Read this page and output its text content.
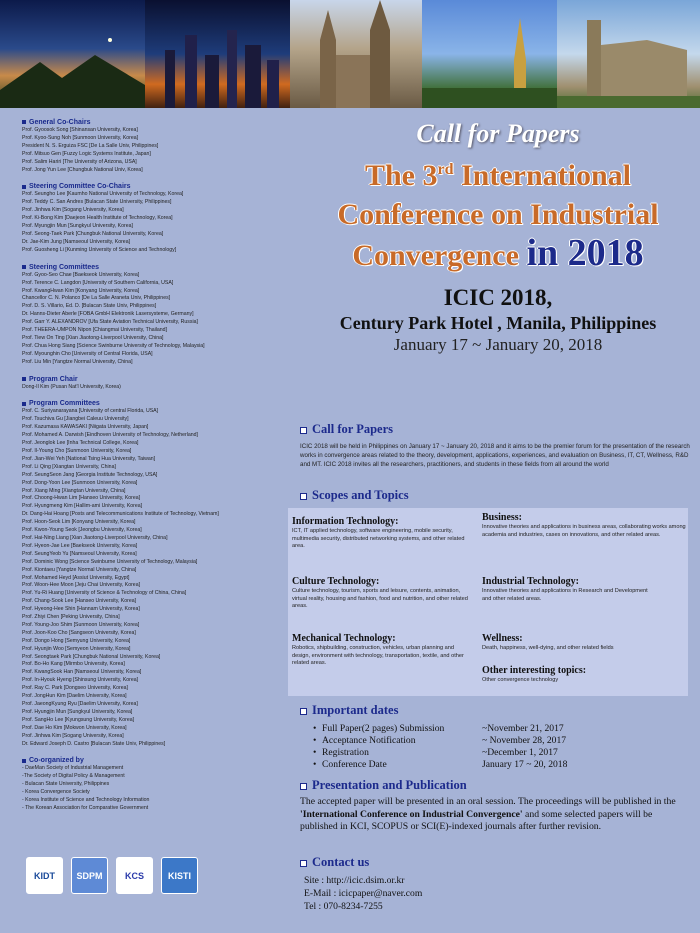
General Co-Chairs
Prof. Gyoosok Song [Shinansan University, Korea]
Prof. Kyoo-Sung Noh [Sunmoon University, Korea]
President N. S. Erguiza FSC [De La Salle Univ, Philippines]
Prof. Mitsuo Gen [Fuzzy Logic Systems Institute, Japan]
Prof. Salim Hariri [The University of Arizona, USA]
Prof. Jong Yun Lee [Chungbuk National Univ, Korea]
Steering Committee Co-Chairs
Prof. Seungho Lee [Kaumho National University of Technology, Korea]
Prof. Teddy C. San Andres [Bulacan State University, Philippines]
Prof. Jinhwa Kim [Sogang University, Korea]
Prof. Ki-Bong Kim [Daejeon Health Institute of Technology, Korea]
Prof. Myungjin Mun [Sungkyul University, Korea]
Prof. Seong-Taek Park [Chungbuk National University, Korea]
Dr. Jae-Kim Jung [Namseoul University, Korea]
Prof. Guosheng Li [Kunming University of Science and Technology]
Steering Committees
Prof. Gyoo-Seo Chae [Baekseok University, Korea]
Prof. Terence C. Langdon [University of Southern California, USA]
Prof. KwangHwan Kim [Konyang University, Korea]
Chancellor C. N. Polanco [De La Salle Araneta Univ, Philippines]
Prof. D. S. Villario, Ed. D. [Bulacan State Univ, Philippines]
Dr. Hanns-Dieter Aberle [FOBA GmbH Elektronik Lasersysteme, Germany]
Prof. Garr Y. ALEXANDROV [Ufa State Aviation Technical University, Russia]
Prof. THEERA-UMPON Nipon [Chiangmai University, Thailand]
Prof. Tiew On Ting [Xian Jiaotong-Liverpool University, China]
Prof. Chua Hong Siang [Science Swinburne University of Technology, Malaysia]
Prof. Myounghin Cho [University of Central Florida, USA]
Prof. Liu Min [Yangtze Normal University, China]
Program Chair
Dong-Il Kim (Pusan Nat'l University, Korea)
Program Committees
Prof. C. Suriyanarayana [University of central Florida, USA]
Prof. Tsuchiva Gu [Jiangbei Caleuu University]
Prof. Kazumasa KAWASAKI [Niigata University, Japan]
Prof. Mohamed A. Darwish [Eindhoven University of Technology, Netherland]
Prof. Jeonglok Lee [Inha Technical College, Korea]
Prof. Il-Young Cho [Sunmoon University, Korea]
Prof. Jian-Wei Yeh [National Tsing Hua University, Taiwan]
Prof. Li Qing [Xiangtan University, China]
Prof. SeungSeon Jang [Georgia Institute Technology, USA]
Prof. Dong-Yoon Lee [Sunmoon University, Korea]
Prof. Xiang Ming [Xiangtan University, China]
Prof. Choong-Hwan Lim [Hanseo University, Korea]
Prof. Hyungmeng Kim [Hallim-ami University, Korea]
Dr. Dang-Hai Hoang [Posts and Telecommunications Institute of Technology, Vietnam]
Prof. Hoon-Seok Lim [Konyang University, Korea]
Prof. Kwon-Young Seok [Jeongbu University, Korea]
Prof. Hai-Ning Liang [Xian Jiaotong-Liverpool University, China]
Prof. Hyeon-Jae Lee [Baekseok University, Korea]
Prof. SeungYeob Yu [Namseoul University, Korea]
Prof. Dominic Wong [Science Swinburne University of Technology, Malaysia]
Prof. Kiontaeu [Yangtze Normal University, China]
Prof. Mohamed Heyd [Assiut University, Egypt]
Prof. Woon-Hee Moon [Jeju Chai University, Korea]
Prof. Yu-Ri Huang [University of Science & Technology of China, China]
Prof. Chang-Sook Lee [Hanseo University, Korea]
Prof. Hyeong-Hee Shin [Hannam University, Korea]
Prof. Zhiyi Chen [Peking University, China]
Prof. Young-Joo Shim [Sunmoon University, Korea]
Prof. Joon-Koo Cho [Sangseon University, Korea]
Prof. Dongo Hong [Semyung University, Korea]
Prof. Hyunjin Woo [Semyeon University, Korea]
Prof. Seongtaek Park [Chungbuk National University, Korea]
Prof. Bo-Ho Kang [Mirmbo University, Korea]
Prof. KwangSook Han [Namseoul University, Korea]
Prof. In-Hyouk Hyeng [Shinsung University, Korea]
Prof. Ray C. Park [Dongseo University, Korea]
Prof. JongHun Kim [Daelim University, Korea]
Prof. JaeongKyung Ryu [Daelim University, Korea]
Prof. Hyungjin Mun [Sungkyul University, Korea]
Prof. SangHo Lee [Kyungsung University, Korea]
Prof. Dae Ho Kim [Mokwon University, Korea]
Prof. Jinhwa Kim [Sogang University, Korea]
Dr. Edward Joseph D. Castro [Bulacan State Univ, Philippines]
Co-organized by
- DaeMan Society of Industrial Management
-The Society of Digital Policy & Management
- Bulacan State University, Philippines
- Korea Convergence Society
- Korea Institute of Science and Technology Information
- The Korean Association for Comparative Government
KIDT	SDPM	KCS	KISTI
Call for Papers
The 3rd International
Conference on Industrial
Convergence in 2018
ICIC 2018,
Century Park Hotel , Manila, Philippines
January 17 ~ January 20, 2018
Call for Papers
ICIC 2018 will be held in Philippines on January 17 ~ January 20, 2018 and it aims to be the premier forum for the presentation of the research works in convergence areas related to the theory, development, applications, experiences, and evaluation on Business, IT, CT, Wellness, R&D and MT. ICIC 2018 invites all the researchers, practitioners, and students in these fields from all around the world
Scopes and Topics
Information Technology:
ICT, IT applied technology, software engineering, mobile security, multimedia security, distributed networking systems, and other related area.
Business:
Innovative theories and applications in business areas, collaborating works among academia and industries, cases on innovations, and other related areas.
Culture Technology:
Culture technology, tourism, sports and leisure, contents, animation, virtual reality, housing and fashion, food and nutrition, and other related areas.
Industrial Technology:
Innovative theories and applications in Research and Development and other related areas.
Mechanical Technology:
Robotics, shipbuilding, construction, vehicles, urban planning and design, environment with technology, transportation, textile, and other related areas.
Wellness:
Death, happiness, well-dying, and other related fields
Other interesting topics:
Other convergence technology
Important dates
• Full Paper(2 pages) Submission	~November 21, 2017
• Acceptance Notification	~ November 28, 2017
• Registration	~December 1, 2017
• Conference Date	January 17 ~ 20, 2018
Presentation and Publication
The accepted paper will be presented in an oral session. The proceedings will be published in the 'International Conference on Industrial Convergence' and some selected papers will be published in KCI, SCOPUS or SCI(E)-indexed journals after further revision.
Contact us
Site : http://icic.dsim.or.kr
E-Mail : icicpaper@naver.com
Tel : 070-8234-7255
